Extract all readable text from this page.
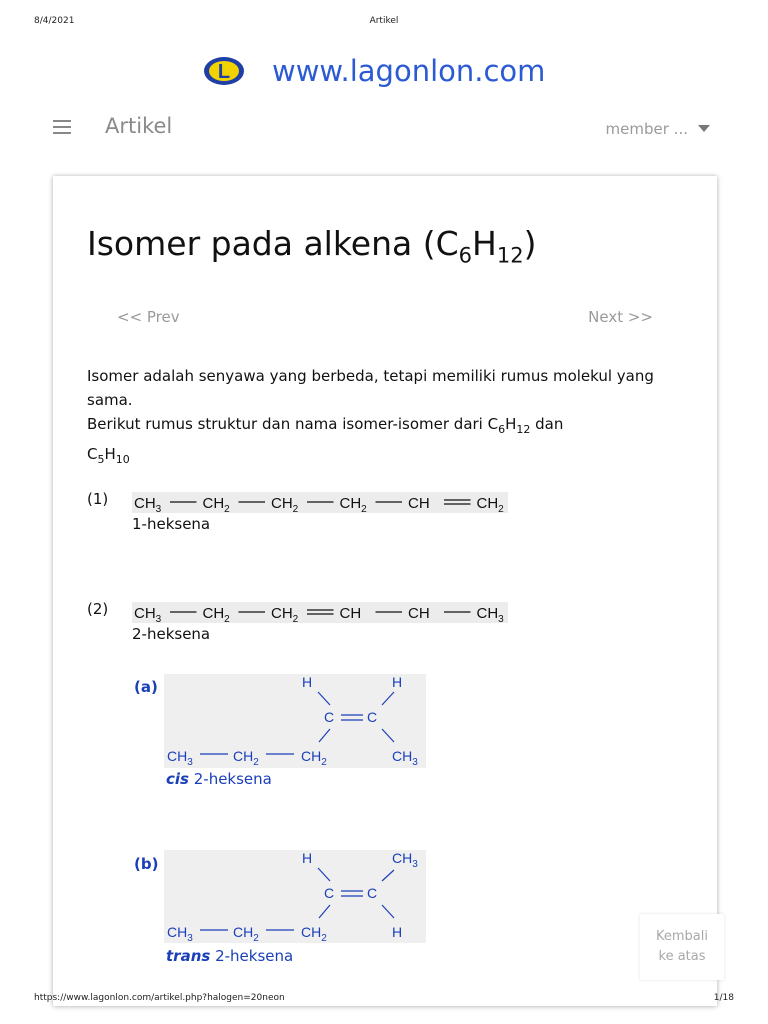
8/4/2021	Artikel
L www.lagonlon.com
Artikel	member ...
Isomer pada alkena $(C_6H_{12})$
<< Prev	Next >>
Isomer adalah senyawa yang berbeda, tetapi memiliki rumus molekul yang sama.
Berikut rumus struktur dan nama isomer-isomer dari $C_6H_{12}$ dan
$C_5H_{10}$
(1) $CH_3$	$CH_2$	$CH_2$	$CH_2$	CH	$CH_2$
1-heksena
(2) $CH_3$	$CH_2$	$CH_2$	CH	CH	$CH_3$
2-heksena
(a)	H	H
C C
$CH_3$	$CH_2$	$CH_2$	$CH_3$
cis 2-heksena
(b)	H	$CH_3$
C C
$CH_3$	$CH_2$	$CH_2$	H
trans 2-heksena
Kembali
ke atas
https://www.lagonlon.com/artikel.php?halogen=20neon	1/18
